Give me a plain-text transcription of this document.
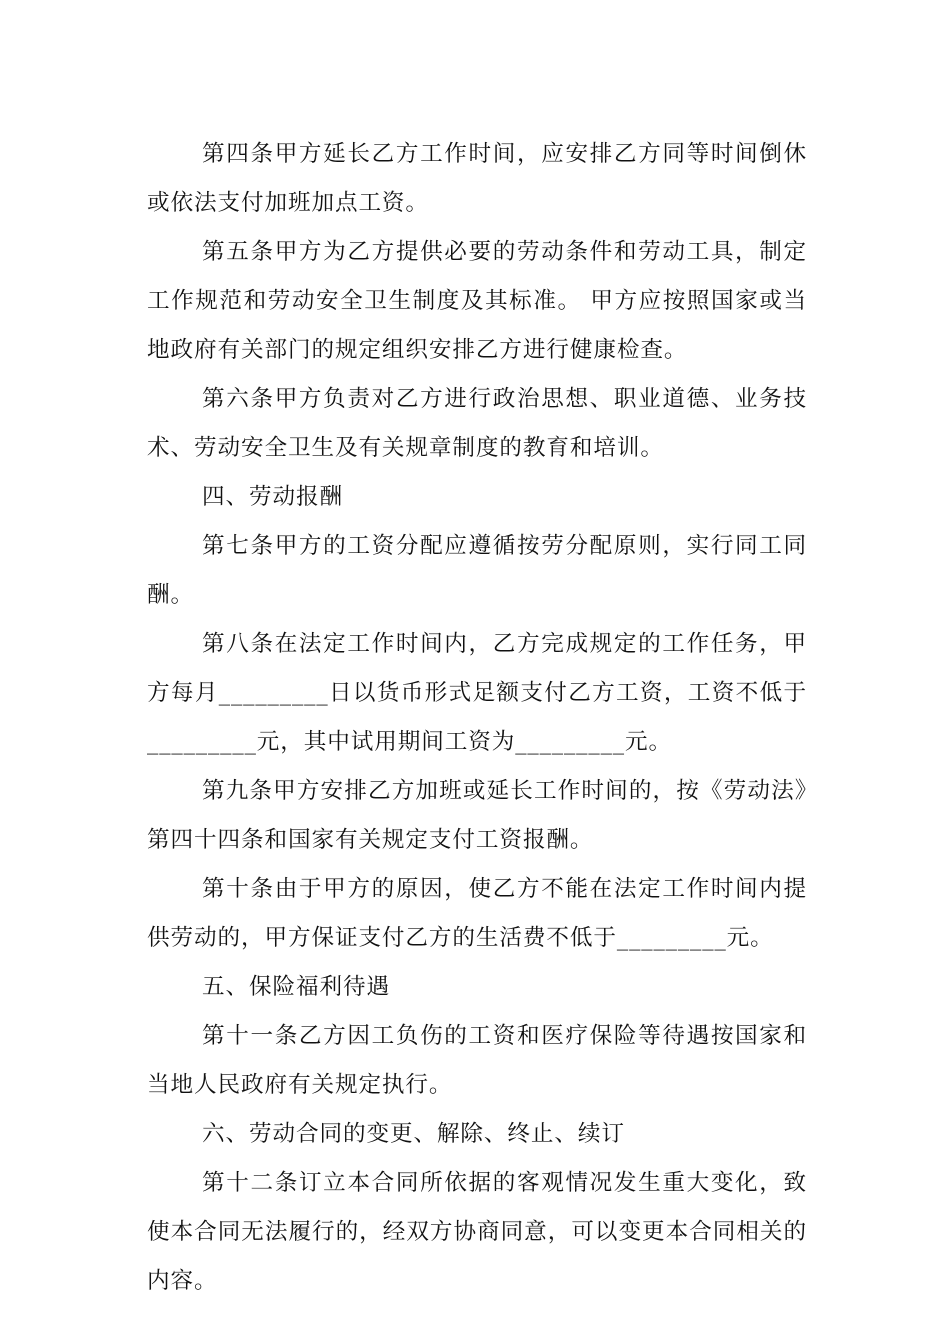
第四条甲方延长乙方工作时间，应安排乙方同等时间倒休或依法支付加班加点工资。

第五条甲方为乙方提供必要的劳动条件和劳动工具，制定工作规范和劳动安全卫生制度及其标准。 甲方应按照国家或当地政府有关部门的规定组织安排乙方进行健康检查。

第六条甲方负责对乙方进行政治思想、职业道德、业务技术、劳动安全卫生及有关规章制度的教育和培训。

四、劳动报酬

第七条甲方的工资分配应遵循按劳分配原则，实行同工同酬。

第八条在法定工作时间内，乙方完成规定的工作任务，甲方每月_________日以货币形式足额支付乙方工资，工资不低于_________元，其中试用期间工资为_________元。

第九条甲方安排乙方加班或延长工作时间的，按《劳动法》第四十四条和国家有关规定支付工资报酬。

第十条由于甲方的原因，使乙方不能在法定工作时间内提供劳动的，甲方保证支付乙方的生活费不低于_________元。

五、保险福利待遇

第十一条乙方因工负伤的工资和医疗保险等待遇按国家和当地人民政府有关规定执行。

六、劳动合同的变更、解除、终止、续订

第十二条订立本合同所依据的客观情况发生重大变化，致使本合同无法履行的，经双方协商同意，可以变更本合同相关的内容。
